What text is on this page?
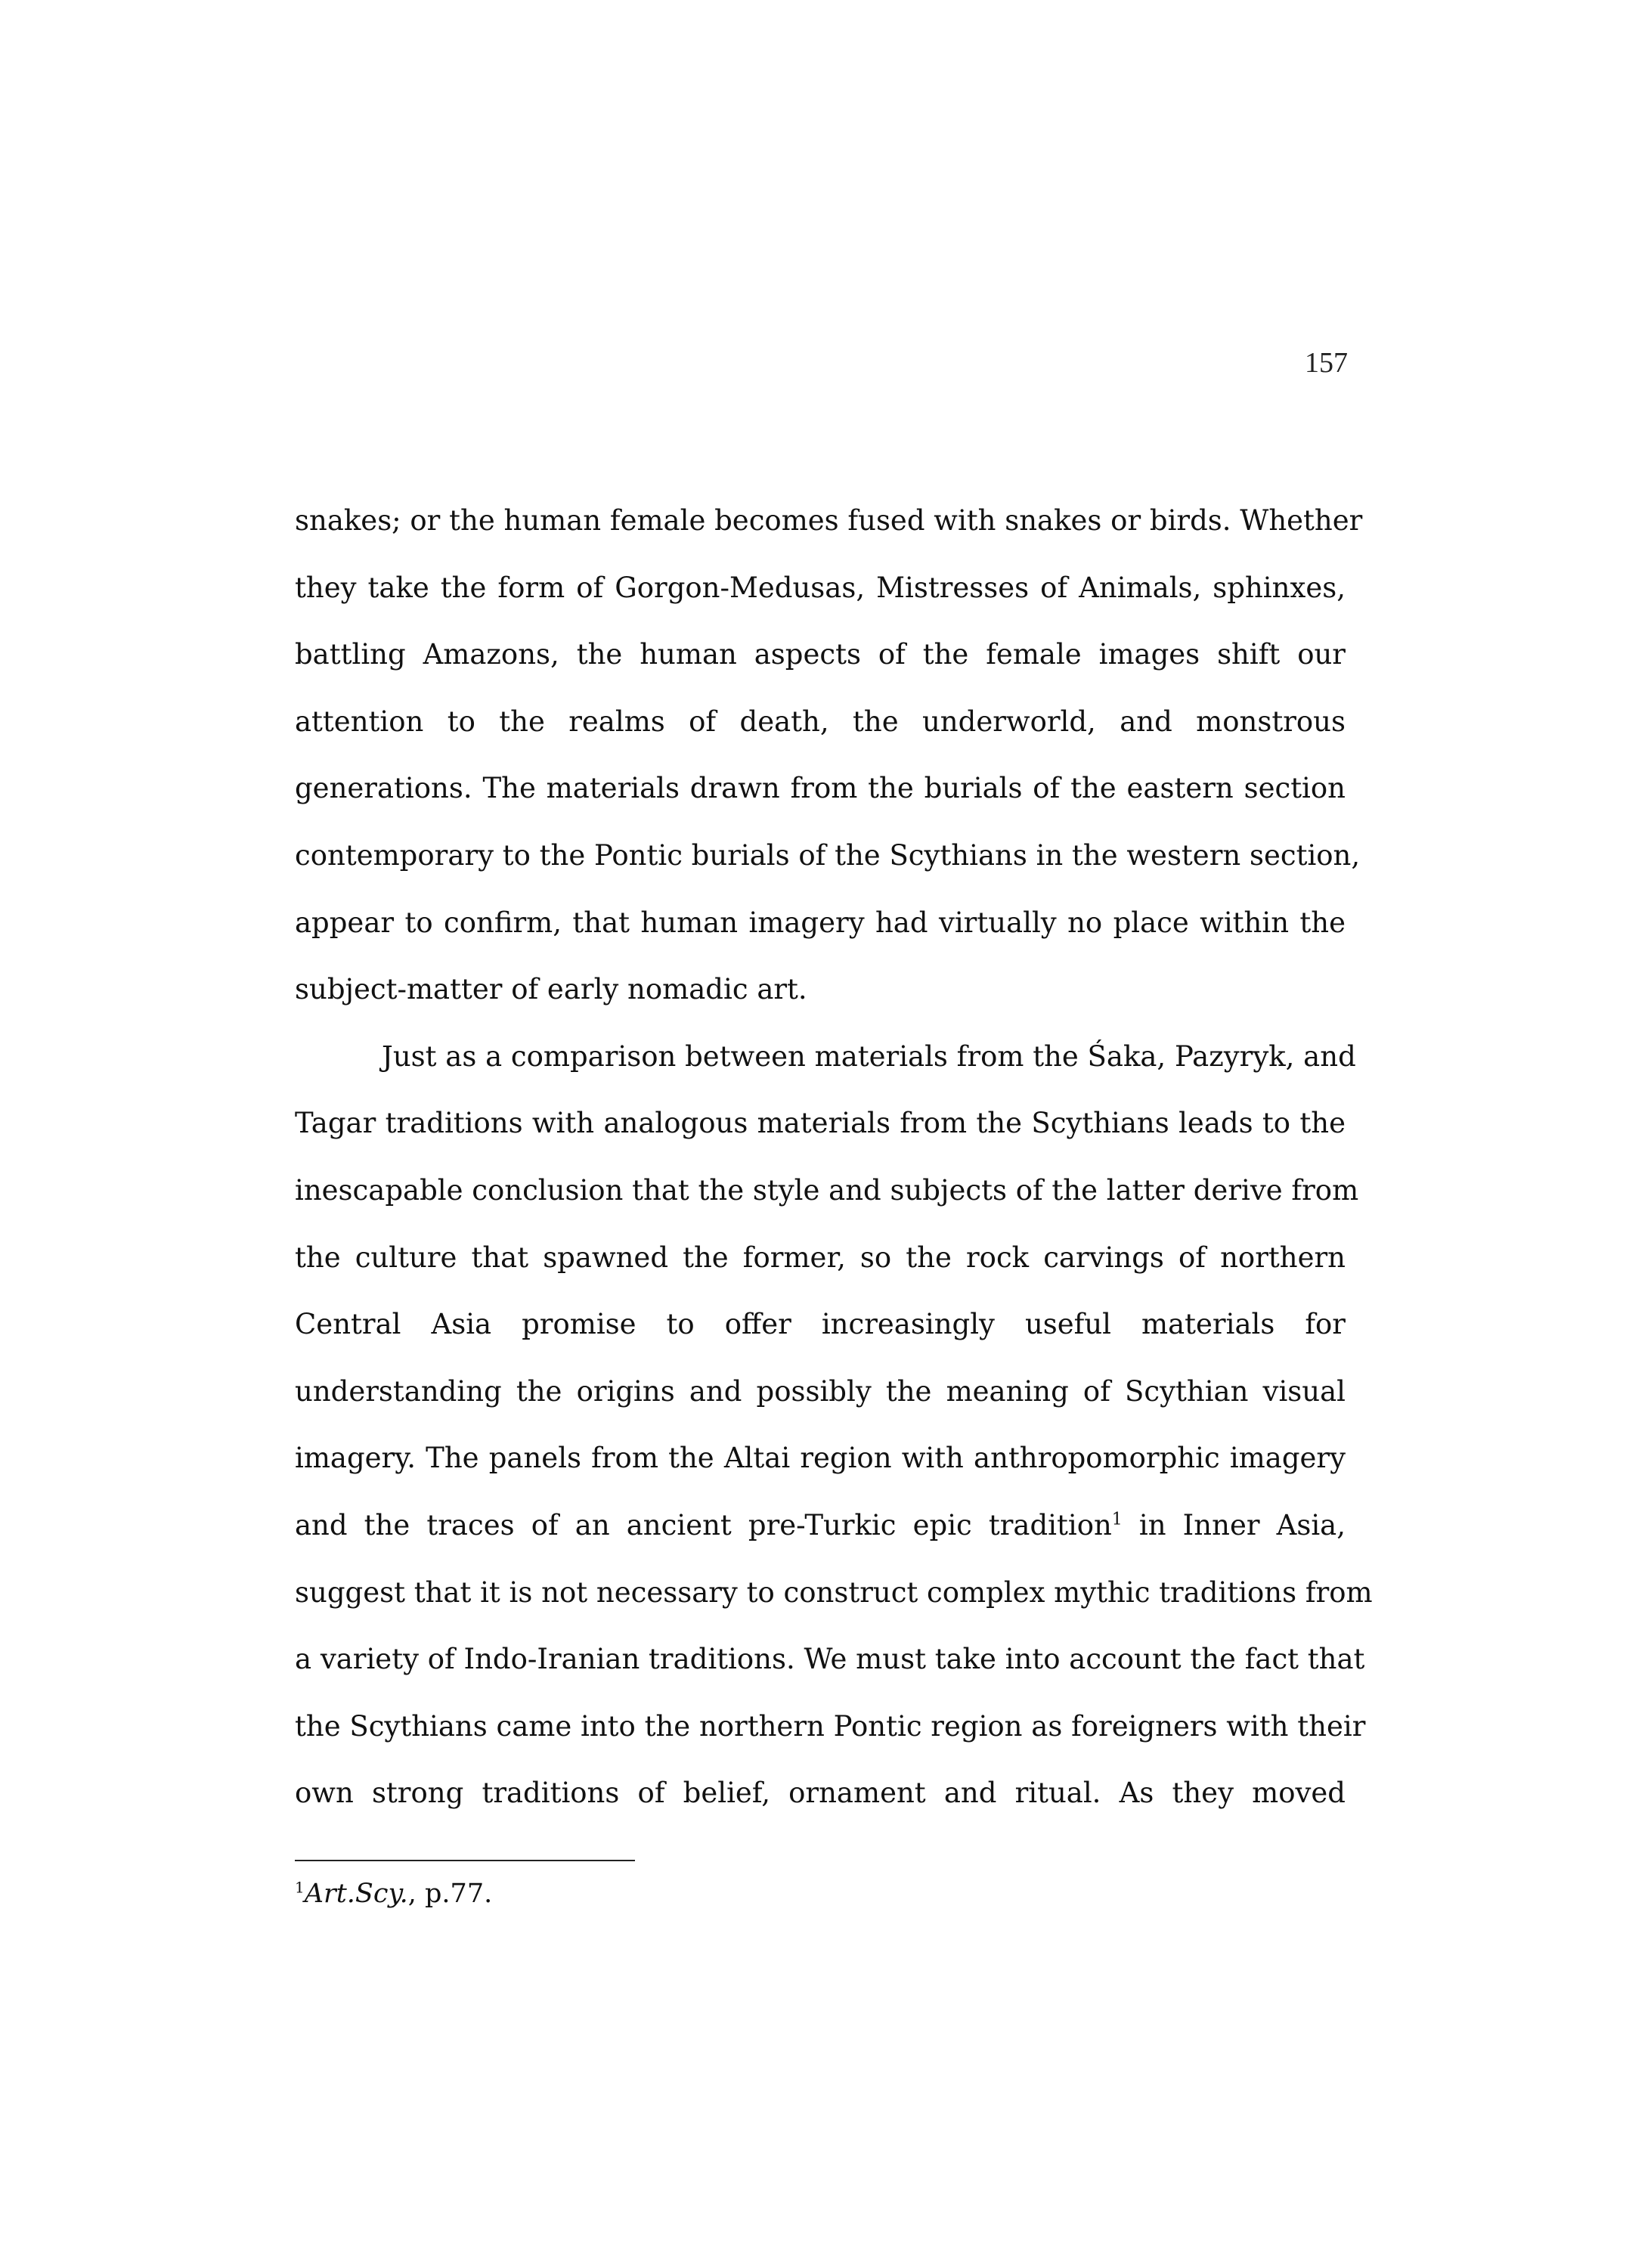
157
snakes; or the human female becomes fused with snakes or birds. Whether
they take the form of Gorgon-Medusas, Mistresses of Animals, sphinxes,
battling Amazons, the human aspects of the female images shift our
attention to the realms of death, the underworld, and monstrous
generations. The materials drawn from the burials of the eastern section
contemporary to the Pontic burials of the Scythians in the western section,
appear to confirm, that human imagery had virtually no place within the
subject-matter of early nomadic art.
Just as a comparison between materials from the Śaka, Pazyryk, and
Tagar traditions with analogous materials from the Scythians leads to the
inescapable conclusion that the style and subjects of the latter derive from
the culture that spawned the former, so the rock carvings of northern
Central Asia promise to offer increasingly useful materials for
understanding the origins and possibly the meaning of Scythian visual
imagery. The panels from the Altai region with anthropomorphic imagery
and the traces of an ancient pre-Turkic epic tradition$^1$ in Inner Asia,
suggest that it is not necessary to construct complex mythic traditions from
a variety of Indo-Iranian traditions. We must take into account the fact that
the Scythians came into the northern Pontic region as foreigners with their
own strong traditions of belief, ornament and ritual. As they moved
$^1$Art.Scy., p.77.
